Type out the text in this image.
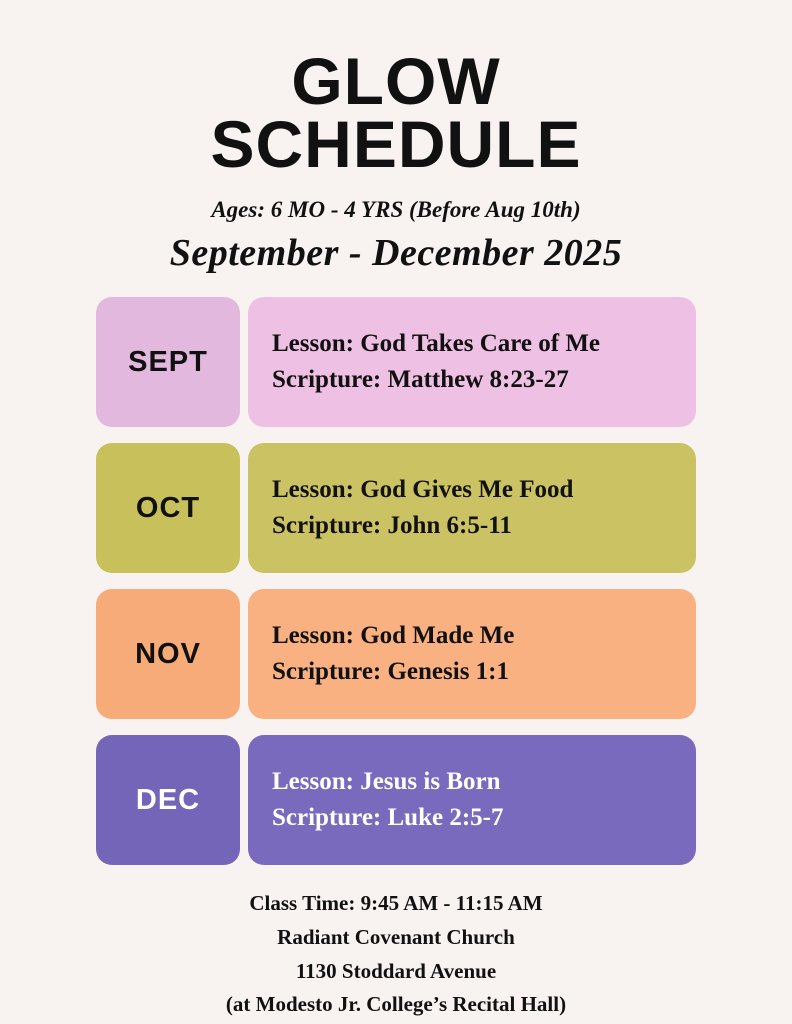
GLOW
SCHEDULE
Ages: 6 MO - 4 YRS (Before Aug 10th)
September - December 2025
SEPT
Lesson: God Takes Care of Me
Scripture: Matthew 8:23-27
OCT
Lesson: God Gives Me Food
Scripture: John 6:5-11
NOV
Lesson: God Made Me
Scripture: Genesis 1:1
DEC
Lesson: Jesus is Born
Scripture: Luke 2:5-7
Class Time: 9:45 AM - 11:15 AM
Radiant Covenant Church
1130 Stoddard Avenue
(at Modesto Jr. College’s Recital Hall)
